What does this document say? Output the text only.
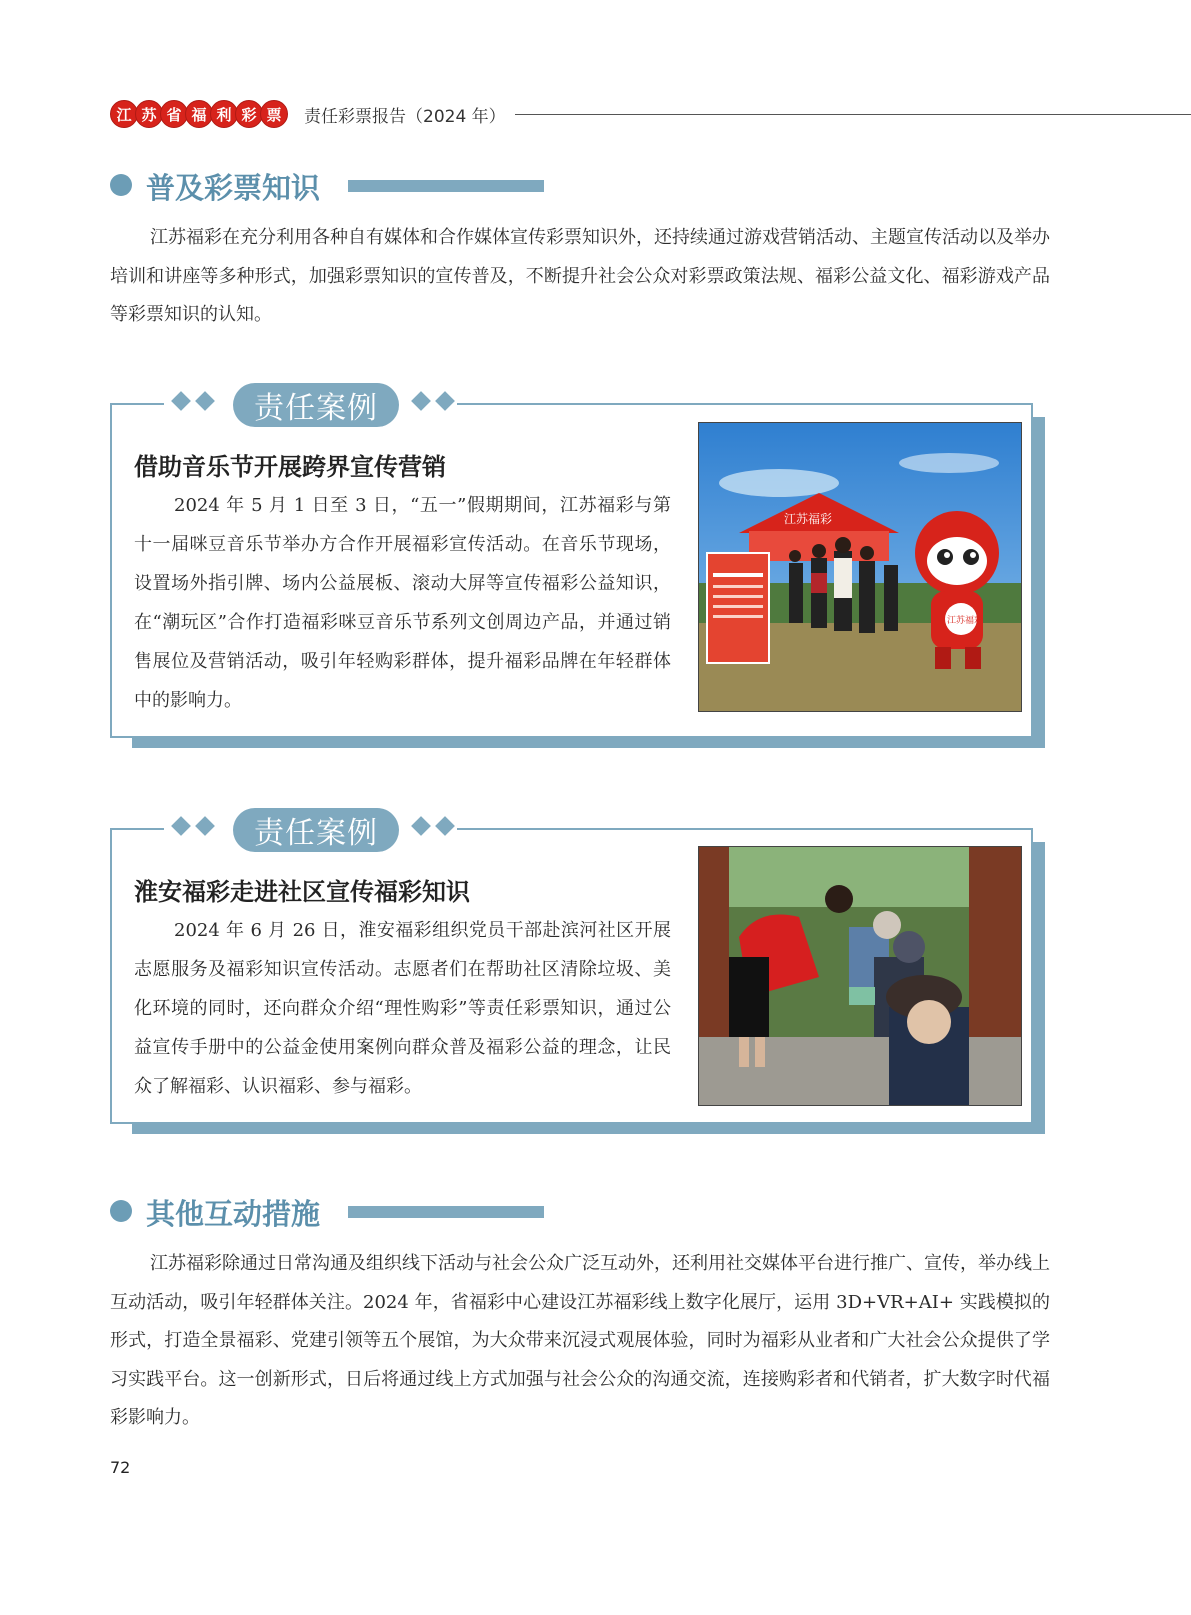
江 苏 省 福 利 彩 票	责任彩票报告（2024 年）
普及彩票知识

江苏福彩在充分利用各种自有媒体和合作媒体宣传彩票知识外，还持续通过游戏营销活动、主题宣传活动以及举办培训和讲座等多种形式，加强彩票知识的宣传普及，不断提升社会公众对彩票政策法规、福彩公益文化、福彩游戏产品等彩票知识的认知。

责任案例
借助音乐节开展跨界宣传营销

2024 年 5 月 1 日至 3 日，“五一”假期期间，江苏福彩与第十一届咪豆音乐节举办方合作开展福彩宣传活动。在音乐节现场，设置场外指引牌、场内公益展板、滚动大屏等宣传福彩公益知识，在“潮玩区”合作打造福彩咪豆音乐节系列文创周边产品，并通过销售展位及营销活动，吸引年轻购彩群体，提升福彩品牌在年轻群体中的影响力。

江苏福彩
江苏福彩
责任案例
淮安福彩走进社区宣传福彩知识

2024 年 6 月 26 日，淮安福彩组织党员干部赴滨河社区开展志愿服务及福彩知识宣传活动。志愿者们在帮助社区清除垃圾、美化环境的同时，还向群众介绍“理性购彩”等责任彩票知识，通过公益宣传手册中的公益金使用案例向群众普及福彩公益的理念，让民众了解福彩、认识福彩、参与福彩。

其他互动措施

江苏福彩除通过日常沟通及组织线下活动与社会公众广泛互动外，还利用社交媒体平台进行推广、宣传，举办线上互动活动，吸引年轻群体关注。2024 年，省福彩中心建设江苏福彩线上数字化展厅，运用 3D+VR+AI+ 实践模拟的形式，打造全景福彩、党建引领等五个展馆，为大众带来沉浸式观展体验，同时为福彩从业者和广大社会公众提供了学习实践平台。这一创新形式，日后将通过线上方式加强与社会公众的沟通交流，连接购彩者和代销者，扩大数字时代福彩影响力。

72
